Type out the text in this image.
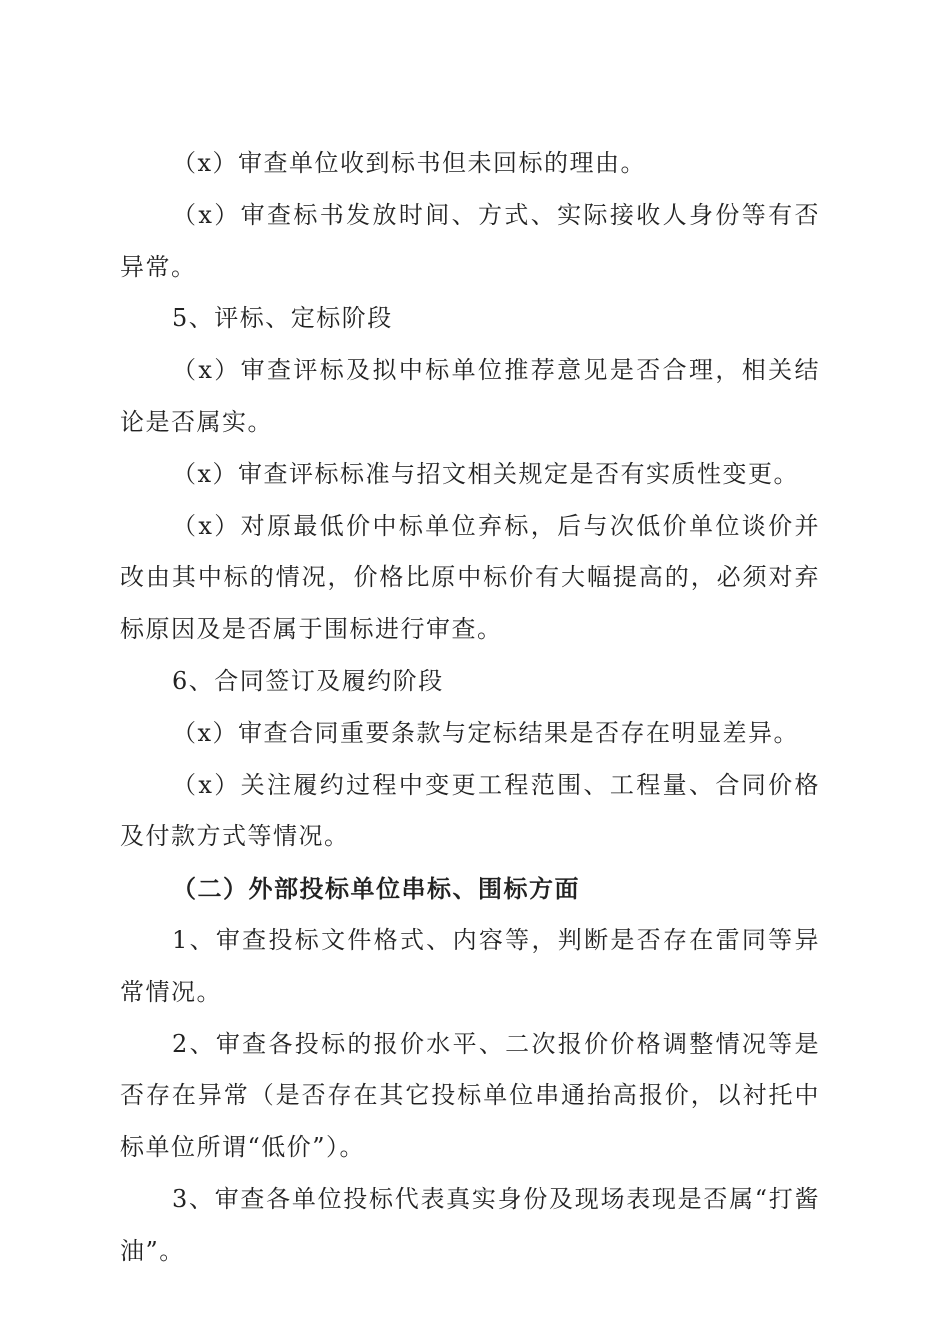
（x）审查单位收到标书但未回标的理由。

（x）审查标书发放时间、方式、实际接收人身份等有否异常。

5、评标、定标阶段

（x）审查评标及拟中标单位推荐意见是否合理，相关结论是否属实。

（x）审查评标标准与招文相关规定是否有实质性变更。

（x）对原最低价中标单位弃标，后与次低价单位谈价并改由其中标的情况，价格比原中标价有大幅提高的，必须对弃标原因及是否属于围标进行审查。

6、合同签订及履约阶段

（x）审查合同重要条款与定标结果是否存在明显差异。

（x）关注履约过程中变更工程范围、工程量、合同价格及付款方式等情况。

（二）外部投标单位串标、围标方面

1、审查投标文件格式、内容等，判断是否存在雷同等异常情况。

2、审查各投标的报价水平、二次报价价格调整情况等是否存在异常（是否存在其它投标单位串通抬高报价，以衬托中标单位所谓“低价”）。

3、审查各单位投标代表真实身份及现场表现是否属“打酱油”。
